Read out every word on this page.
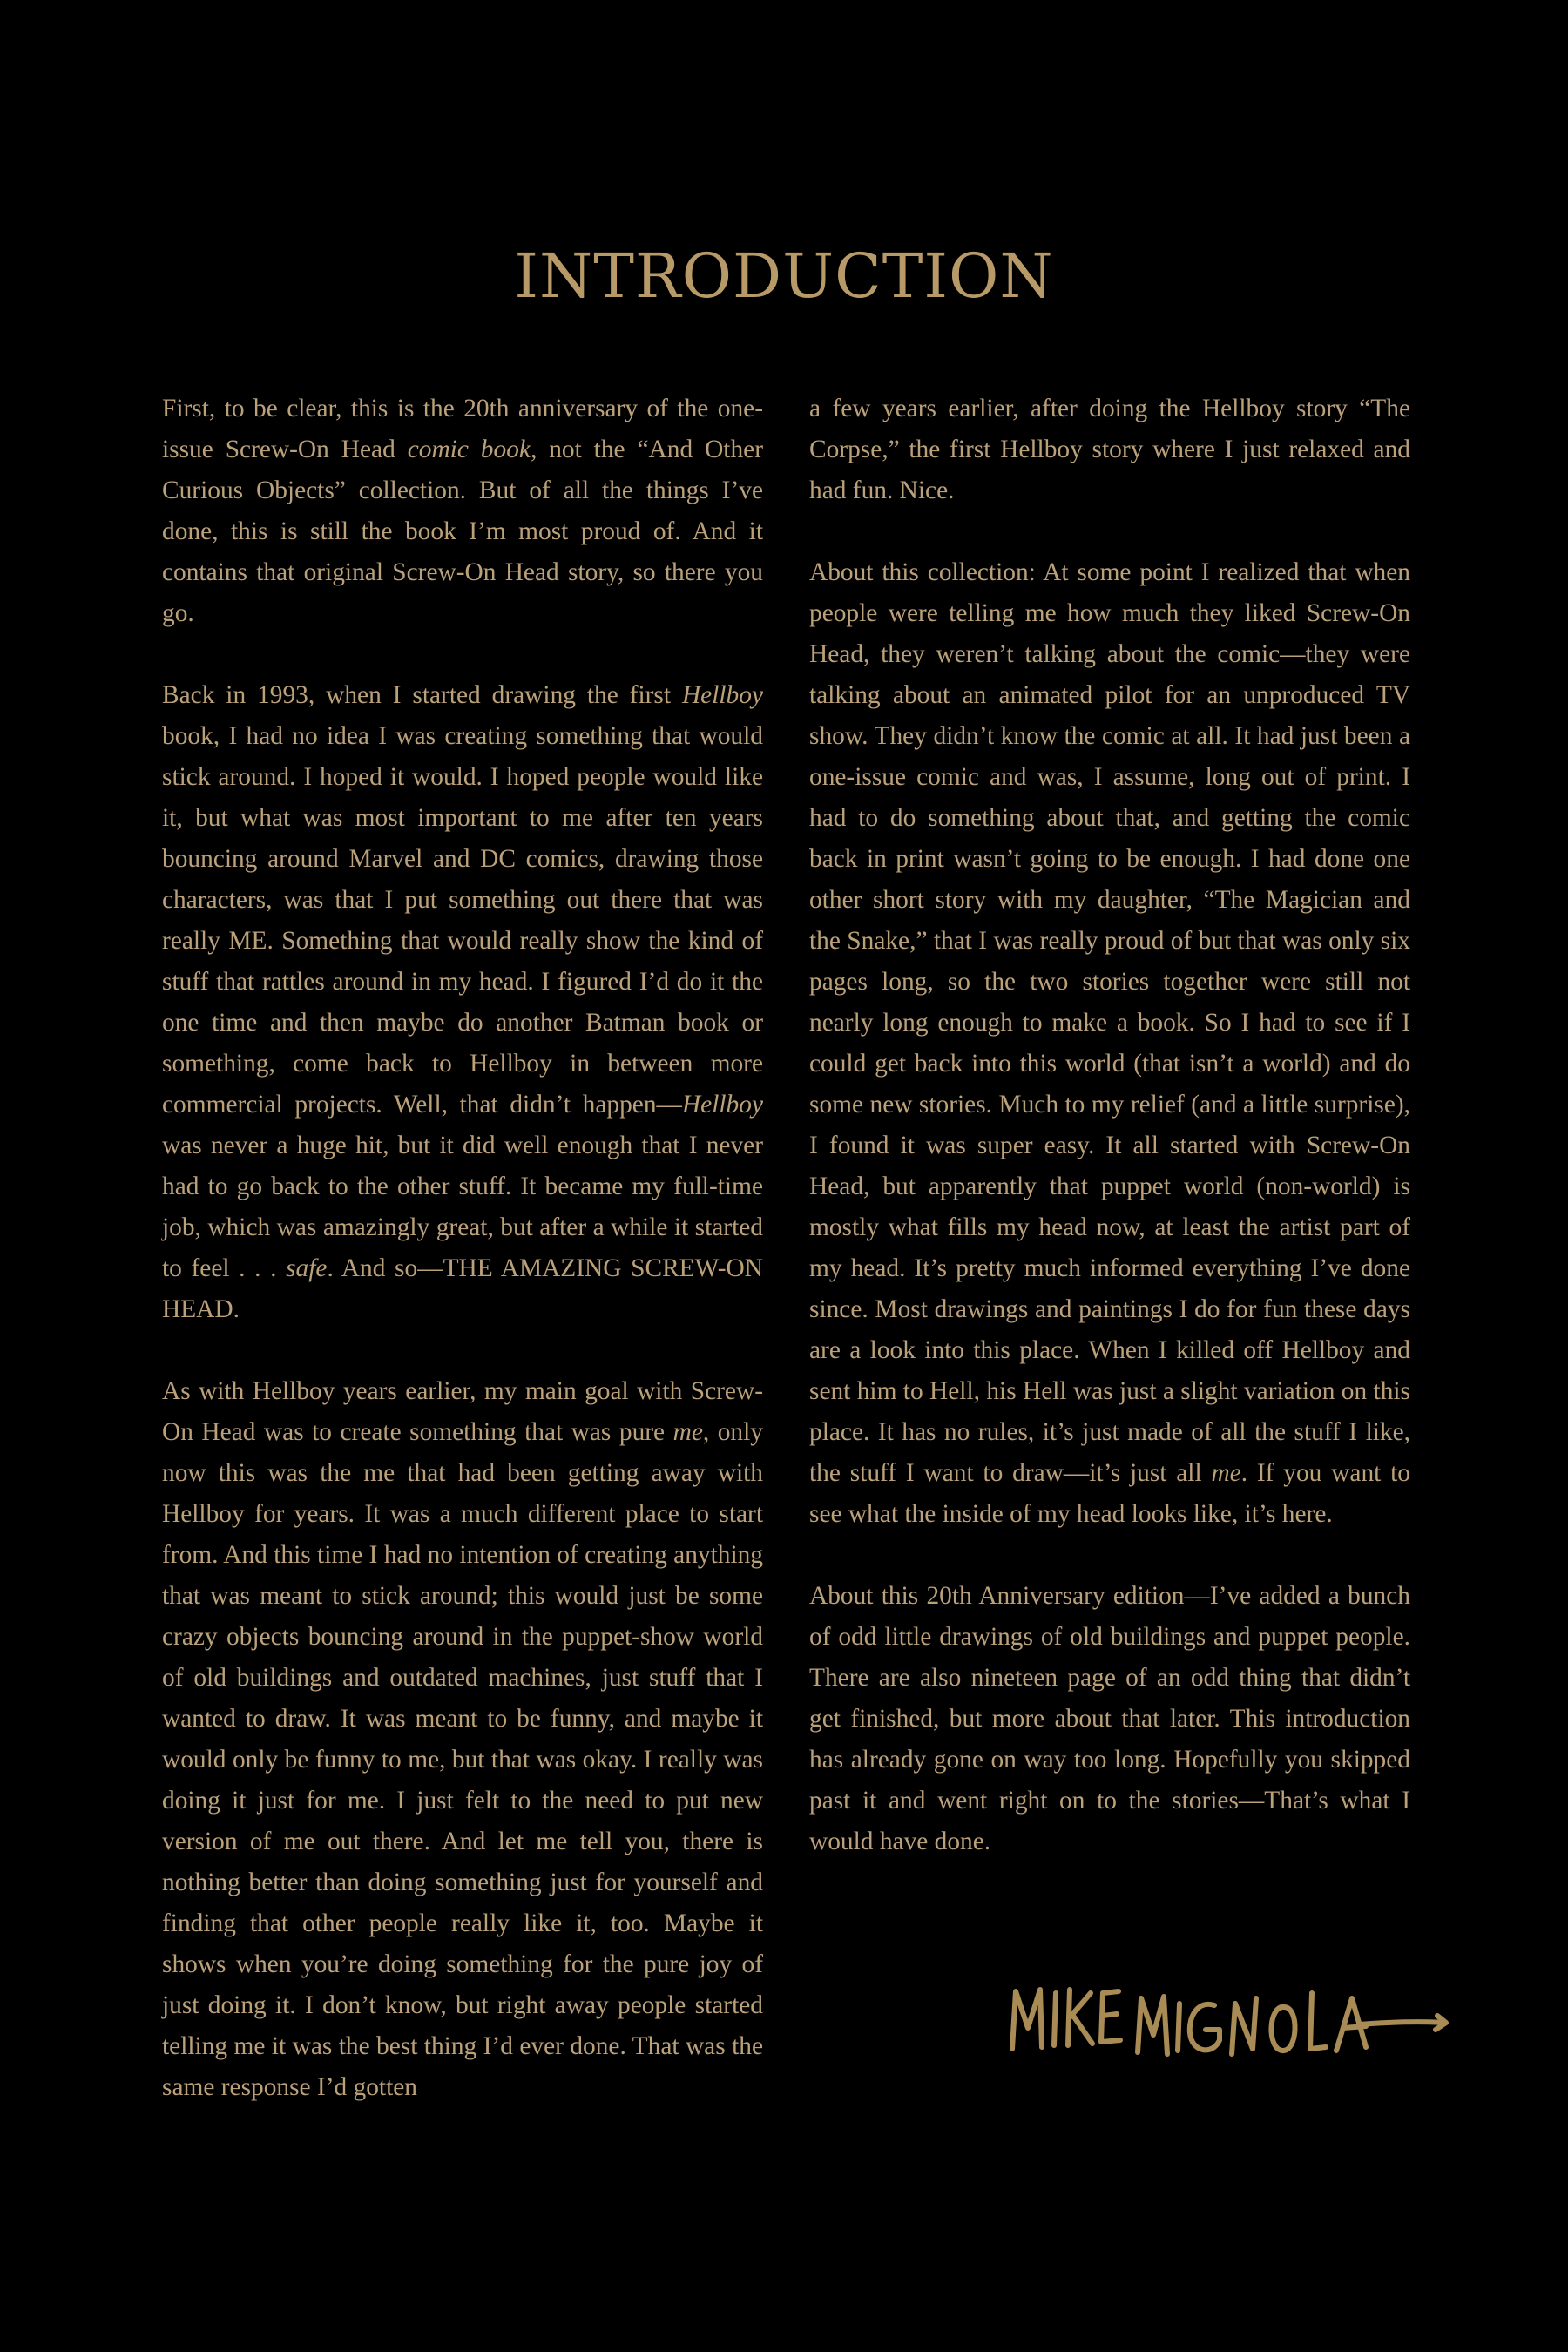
INTRODUCTION

First, to be clear, this is the 20th anniversary of the one-issue Screw-On Head comic book, not the “And Other Curious Objects” collection. But of all the things I’ve done, this is still the book I’m most proud of. And it contains that original Screw-On Head story, so there you go.

Back in 1993, when I started drawing the first Hellboy book, I had no idea I was creating something that would stick around. I hoped it would. I hoped people would like it, but what was most important to me after ten years bouncing around Marvel and DC comics, drawing those characters, was that I put something out there that was really ME. Something that would really show the kind of stuff that rattles around in my head. I figured I’d do it the one time and then maybe do another Batman book or something, come back to Hellboy in between more commercial projects. Well, that didn’t happen—Hellboy was never a huge hit, but it did well enough that I never had to go back to the other stuff. It became my full-time job, which was amazingly great, but after a while it started to feel . . . safe. And so—THE AMAZING SCREW-ON HEAD.

As with Hellboy years earlier, my main goal with Screw-On Head was to create something that was pure me, only now this was the me that had been getting away with Hellboy for years. It was a much different place to start from. And this time I had no intention of creating anything that was meant to stick around; this would just be some crazy objects bouncing around in the puppet-show world of old buildings and outdated machines, just stuff that I wanted to draw. It was meant to be funny, and maybe it would only be funny to me, but that was okay. I really was doing it just for me. I just felt to the need to put new version of me out there. And let me tell you, there is nothing better than doing something just for yourself and finding that other people really like it, too. Maybe it shows when you’re doing something for the pure joy of just doing it. I don’t know, but right away people started telling me it was the best thing I’d ever done. That was the same response I’d gotten

a few years earlier, after doing the Hellboy story “The Corpse,” the first Hellboy story where I just relaxed and had fun. Nice.

About this collection: At some point I realized that when people were telling me how much they liked Screw-On Head, they weren’t talking about the comic—they were talking about an animated pilot for an unproduced TV show. They didn’t know the comic at all. It had just been a one-issue comic and was, I assume, long out of print. I had to do something about that, and getting the comic back in print wasn’t going to be enough. I had done one other short story with my daughter, “The Magician and the Snake,” that I was really proud of but that was only six pages long, so the two stories together were still not nearly long enough to make a book. So I had to see if I could get back into this world (that isn’t a world) and do some new stories. Much to my relief (and a little surprise), I found it was super easy. It all started with Screw-On Head, but apparently that puppet world (non-world) is mostly what fills my head now, at least the artist part of my head. It’s pretty much informed everything I’ve done since. Most drawings and paintings I do for fun these days are a look into this place. When I killed off Hellboy and sent him to Hell, his Hell was just a slight variation on this place. It has no rules, it’s just made of all the stuff I like, the stuff I want to draw—it’s just all me. If you want to see what the inside of my head looks like, it’s here.

About this 20th Anniversary edition—I’ve added a bunch of odd little drawings of old buildings and puppet people. There are also nineteen page of an odd thing that didn’t get finished, but more about that later. This introduction has already gone on way too long. Hopefully you skipped past it and went right on to the stories—That’s what I would have done.
